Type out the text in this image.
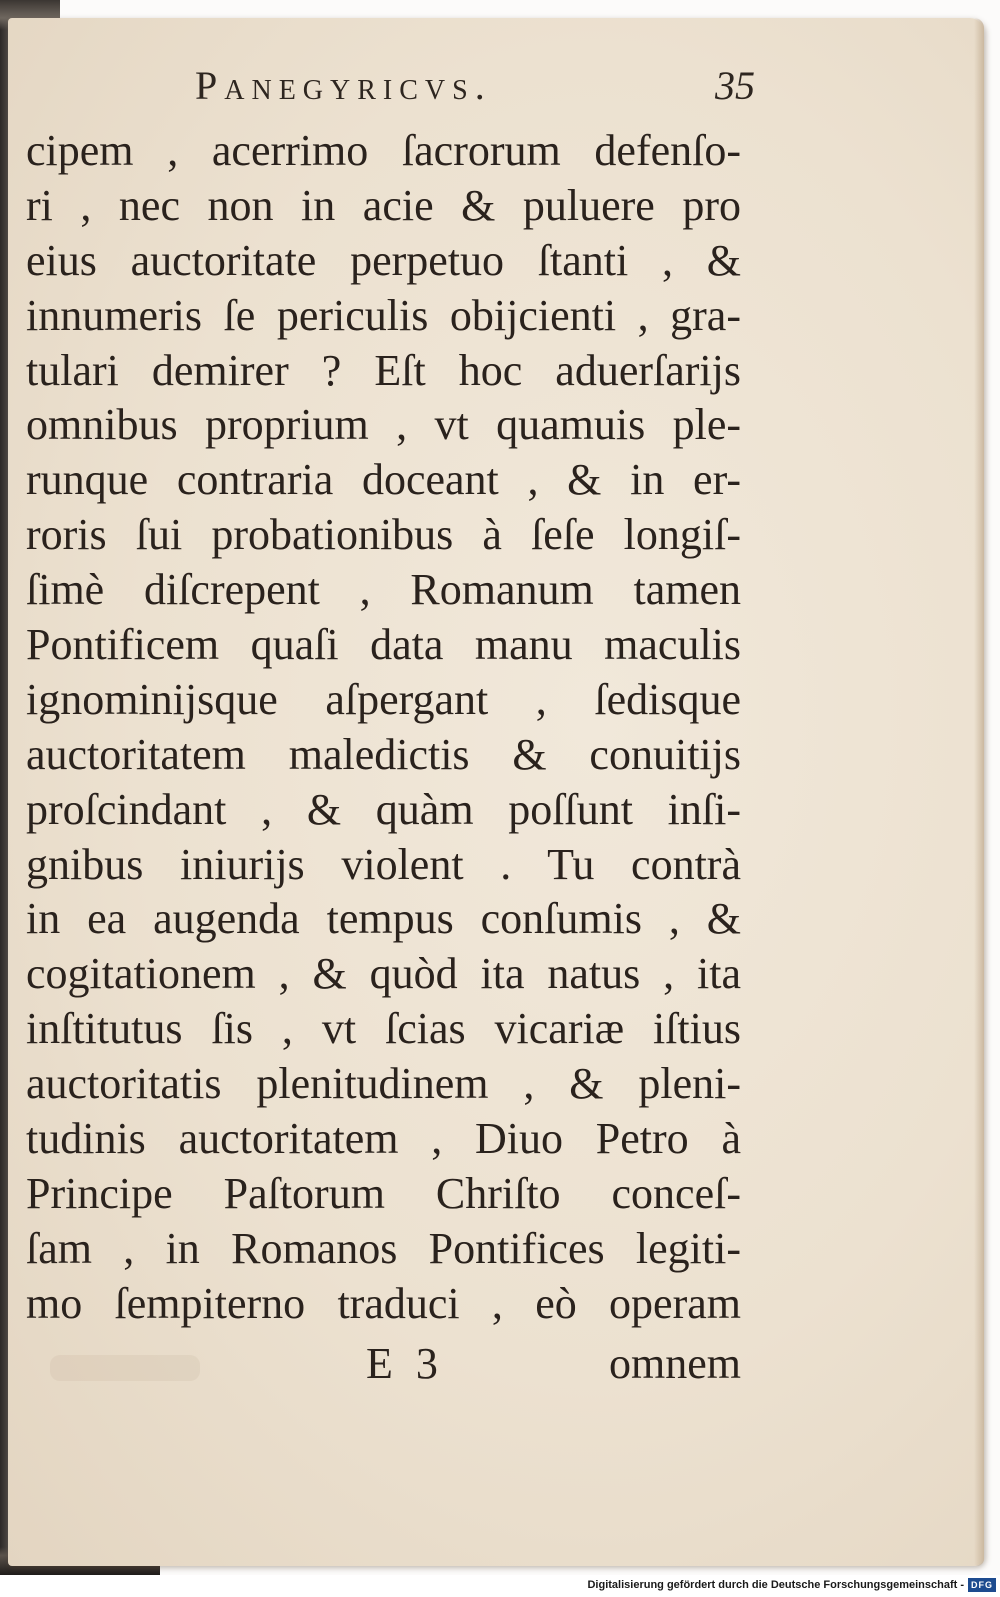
Panegyricvs.	35
cipem , acerrimo ſacrorum defenſo-
ri , nec non in acie & puluere pro
eius auctoritate perpetuo ſtanti , &
innumeris ſe periculis obijcienti , gra-
tulari demirer ? Eſt hoc aduerſarijs
omnibus proprium , vt quamuis ple-
runque contraria doceant , & in er-
roris ſui probationibus à ſeſe longiſ-
ſimè diſcrepent , Romanum tamen
Pontificem quaſi data manu maculis
ignominijsque aſpergant , ſedisque
auctoritatem maledictis & conuitijs
proſcindant , & quàm poſſunt inſi-
gnibus iniurijs violent . Tu contrà
in ea augenda tempus conſumis , &
cogitationem , & quòd ita natus , ita
inſtitutus ſis , vt ſcias vicariæ iſtius
auctoritatis plenitudinem , & pleni-
tudinis auctoritatem , Diuo Petro à
Principe Paſtorum Chriſto conceſ-
ſam , in Romanos Pontifices legiti-
mo ſempiterno traduci , eò operam
E 3	omnem
Digitalisierung gefördert durch die Deutsche Forschungsgemeinschaft - DFG
